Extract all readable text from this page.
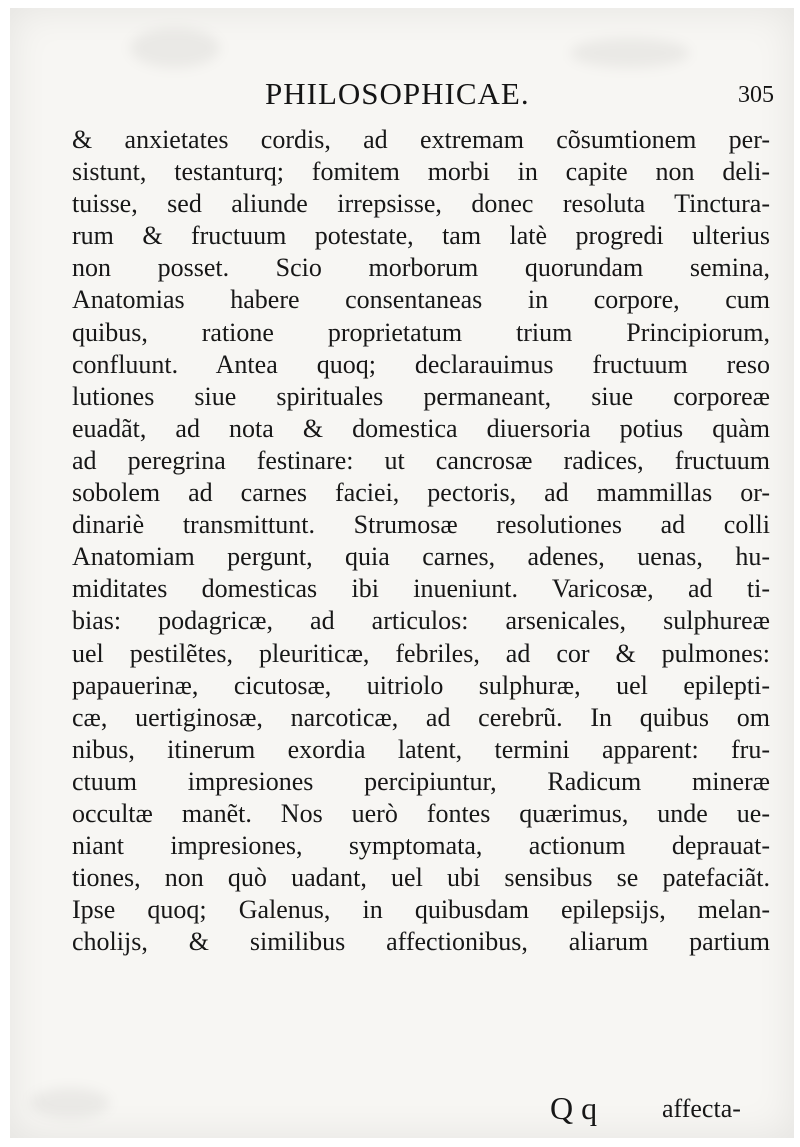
PHILOSOPHICAE.	305
& anxietates cordis, ad extremam cõsumtionem per-
sistunt, testanturq; fomitem morbi in capite non deli-
tuisse, sed aliunde irrepsisse, donec resoluta Tinctura-
rum & fructuum potestate, tam latè progredi ulterius
non posset. Scio morborum quorundam semina,
Anatomias habere consentaneas in corpore, cum
quibus, ratione proprietatum trium Principiorum,
confluunt. Antea quoq; declarauimus fructuum reso
lutiones siue spirituales permaneant, siue corporeæ
euadãt, ad nota & domestica diuersoria potius quàm
ad peregrina festinare: ut cancrosæ radices, fructuum
sobolem ad carnes faciei, pectoris, ad mammillas or-
dinariè transmittunt. Strumosæ resolutiones ad colli
Anatomiam pergunt, quia carnes, adenes, uenas, hu-
miditates domesticas ibi inueniunt. Varicosæ, ad ti-
bias: podagricæ, ad articulos: arsenicales, sulphureæ
uel pestilẽtes, pleuriticæ, febriles, ad cor & pulmones:
papauerinæ, cicutosæ, uitriolo sulphuræ, uel epilepti-
cæ, uertiginosæ, narcoticæ, ad cerebrũ. In quibus om
nibus, itinerum exordia latent, termini apparent: fru-
ctuum impresiones percipiuntur, Radicum mineræ
occultæ manẽt. Nos uerò fontes quærimus, unde ue-
niant impresiones, symptomata, actionum deprauat-
tiones, non quò uadant, uel ubi sensibus se patefaciãt.
Ipse quoq; Galenus, in quibusdam epilepsijs, melan-
cholijs, & similibus affectionibus, aliarum partium
Q q affecta-
